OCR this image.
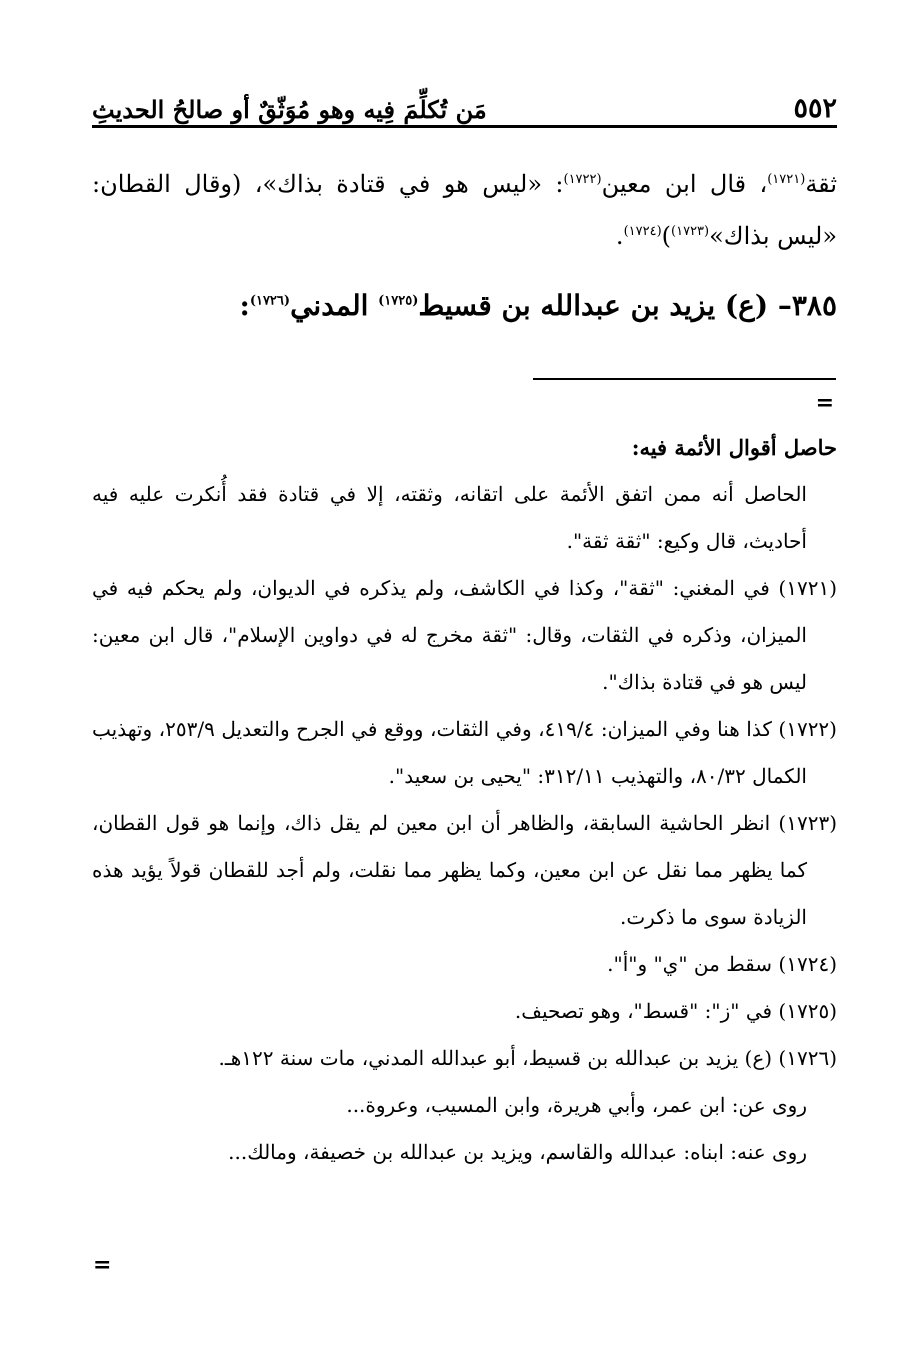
٥٥٢
مَن تُكلِّمَ فِيه وهو مُوَثّقٌ أو صالحُ الحديثِ

ثقة$^{(١٧٢١)}$، قال ابن معين$^{(١٧٢٢)}$: «ليس هو في قتادة بذاك»، (وقال القطان: «ليس بذاك»$^{(١٧٢٣)}$)$^{(١٧٢٤)}$.

٣٨٥– (ع) يزيد بن عبدالله بن قسيط$^{(١٧٢٥)}$ المدني$^{(١٧٢٦)}$:
=

حاصل أقوال الأئمة فيه:

الحاصل أنه ممن اتفق الأئمة على اتقانه، وثقته، إلا في قتادة فقد أُنكرت عليه فيه أحاديث، قال وكيع: "ثقة ثقة".

(١٧٢١) في المغني: "ثقة"، وكذا في الكاشف، ولم يذكره في الديوان، ولم يحكم فيه في الميزان، وذكره في الثقات، وقال: "ثقة مخرج له في دواوين الإسلام"، قال ابن معين: ليس هو في قتادة بذاك".

(١٧٢٢) كذا هنا وفي الميزان: ٤١٩/٤، وفي الثقات، ووقع في الجرح والتعديل ٢٥٣/٩، وتهذيب الكمال ٨٠/٣٢، والتهذيب ٣١٢/١١: "يحيى بن سعيد".

(١٧٢٣) انظر الحاشية السابقة، والظاهر أن ابن معين لم يقل ذاك، وإنما هو قول القطان، كما يظهر مما نقل عن ابن معين، وكما يظهر مما نقلت، ولم أجد للقطان قولاً يؤيد هذه الزيادة سوى ما ذكرت.

(١٧٢٤) سقط من "ي" و"أ".

(١٧٢٥) في "ز": "قسط"، وهو تصحيف.

(١٧٢٦) (ع) يزيد بن عبدالله بن قسيط، أبو عبدالله المدني، مات سنة ١٢٢هـ.

روى عن: ابن عمر، وأبي هريرة، وابن المسيب، وعروة...

روى عنه: ابناه: عبدالله والقاسم، ويزيد بن عبدالله بن خصيفة، ومالك...

=
